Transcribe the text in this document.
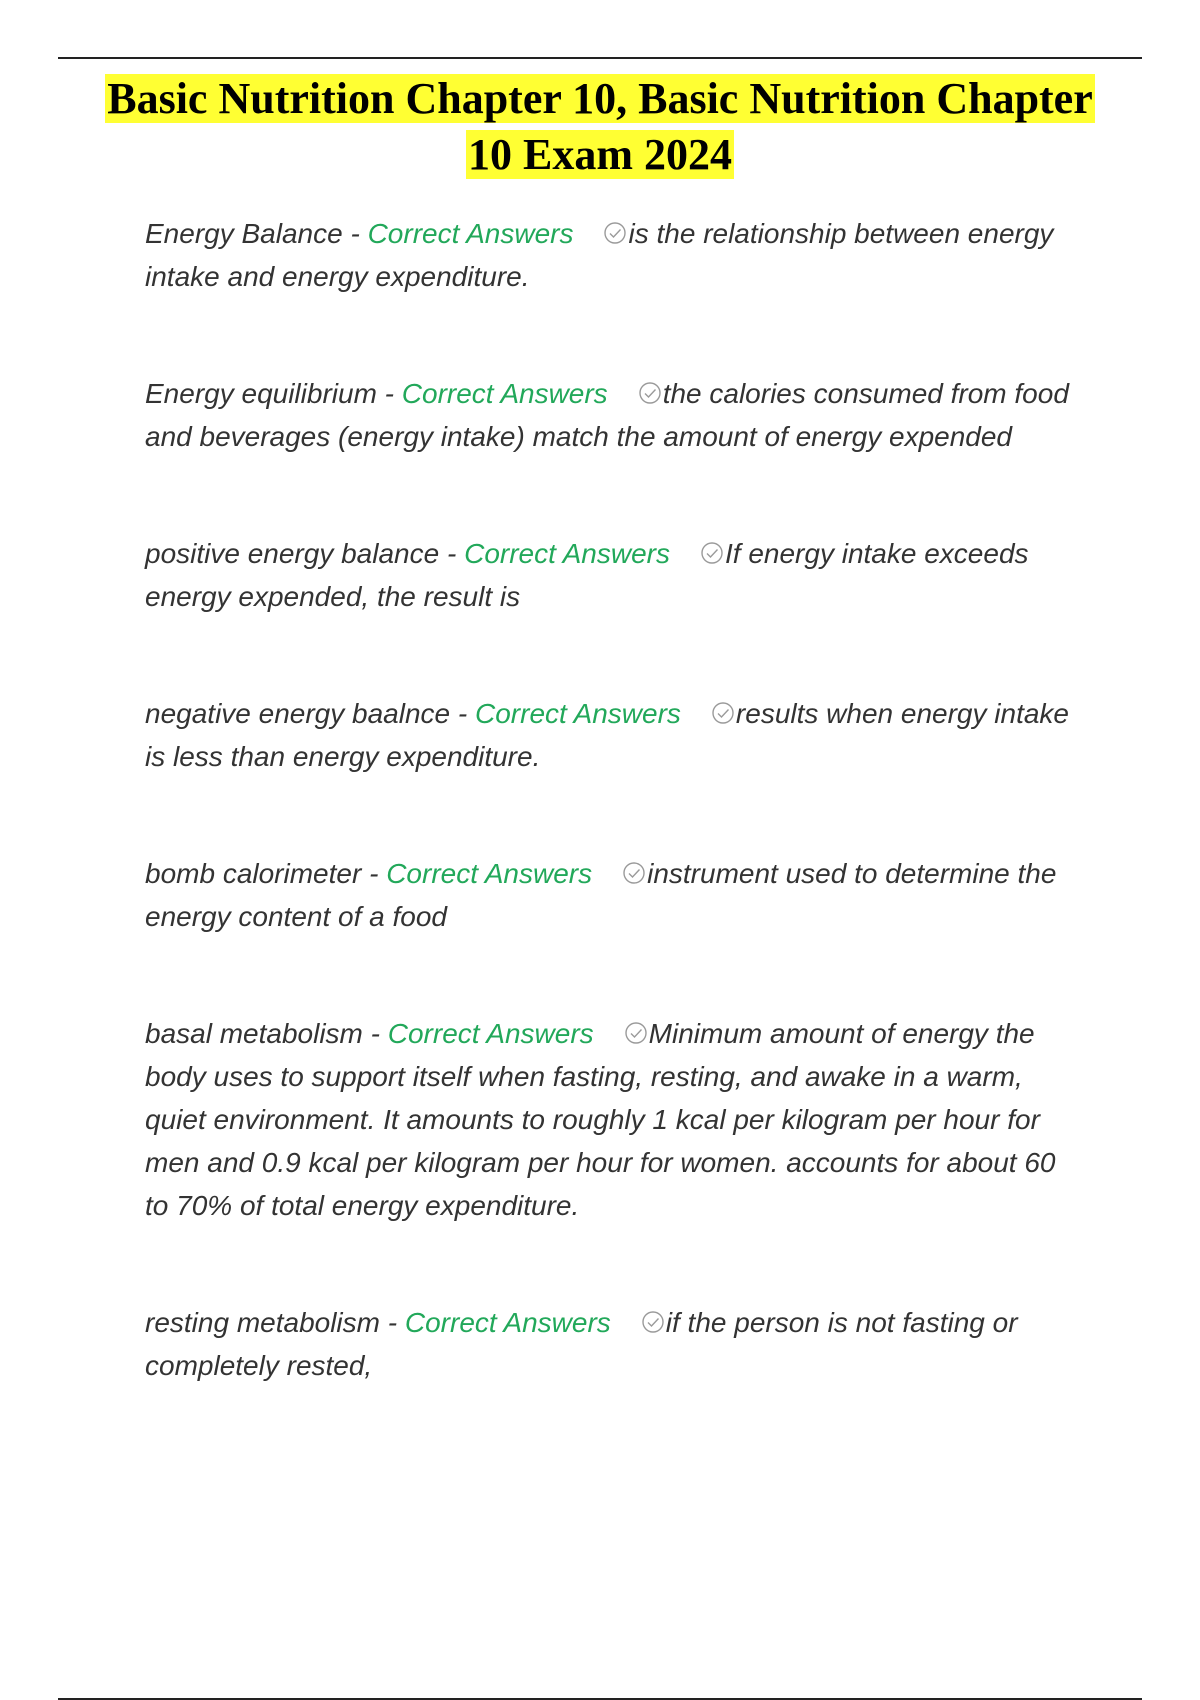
Basic Nutrition Chapter 10, Basic Nutrition Chapter 10 Exam 2024

Energy Balance - Correct Answers is the relationship between energy intake and energy expenditure.

Energy equilibrium - Correct Answers the calories consumed from food and beverages (energy intake) match the amount of energy expended

positive energy balance - Correct Answers If energy intake exceeds energy expended, the result is

negative energy baalnce - Correct Answers results when energy intake is less than energy expenditure.

bomb calorimeter - Correct Answers instrument used to determine the energy content of a food

basal metabolism - Correct Answers Minimum amount of energy the body uses to support itself when fasting, resting, and awake in a warm, quiet environment. It amounts to roughly 1 kcal per kilogram per hour for men and 0.9 kcal per kilogram per hour for women. accounts for about 60 to 70% of total energy expenditure.

resting metabolism - Correct Answers if the person is not fasting or completely rested,
